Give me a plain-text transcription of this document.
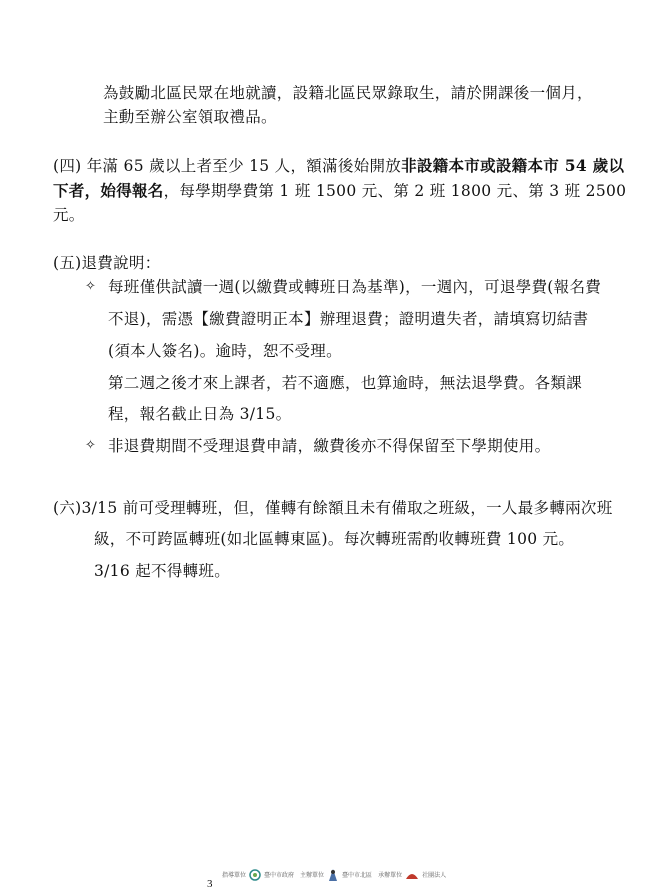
為鼓勵北區民眾在地就讀，設籍北區民眾錄取生，請於開課後一個月，
主動至辦公室領取禮品。
(四) 年滿 65 歲以上者至少 15 人，額滿後始開放非設籍本市或設籍本市 54 歲以
下者，始得報名，每學期學費第 1 班 1500 元、第 2 班 1800 元、第 3 班 2500
元。
(五)退費說明：
✧ 每班僅供試讀一週(以繳費或轉班日為基準)，一週內，可退學費(報名費
不退)，需憑【繳費證明正本】辦理退費；證明遺失者，請填寫切結書
(須本人簽名)。逾時，恕不受理。
第二週之後才來上課者，若不適應，也算逾時，無法退學費。各類課
程，報名截止日為 3/15。
✧ 非退費期間不受理退費申請，繳費後亦不得保留至下學期使用。
(六)3/15 前可受理轉班，但，僅轉有餘額且未有備取之班級，一人最多轉兩次班
級，不可跨區轉班(如北區轉東區)。每次轉班需酌收轉班費 100 元。
3/16 起不得轉班。
3
指導單位	臺中市政府 主辦單位	臺中市北區 承辦單位	社團法人
